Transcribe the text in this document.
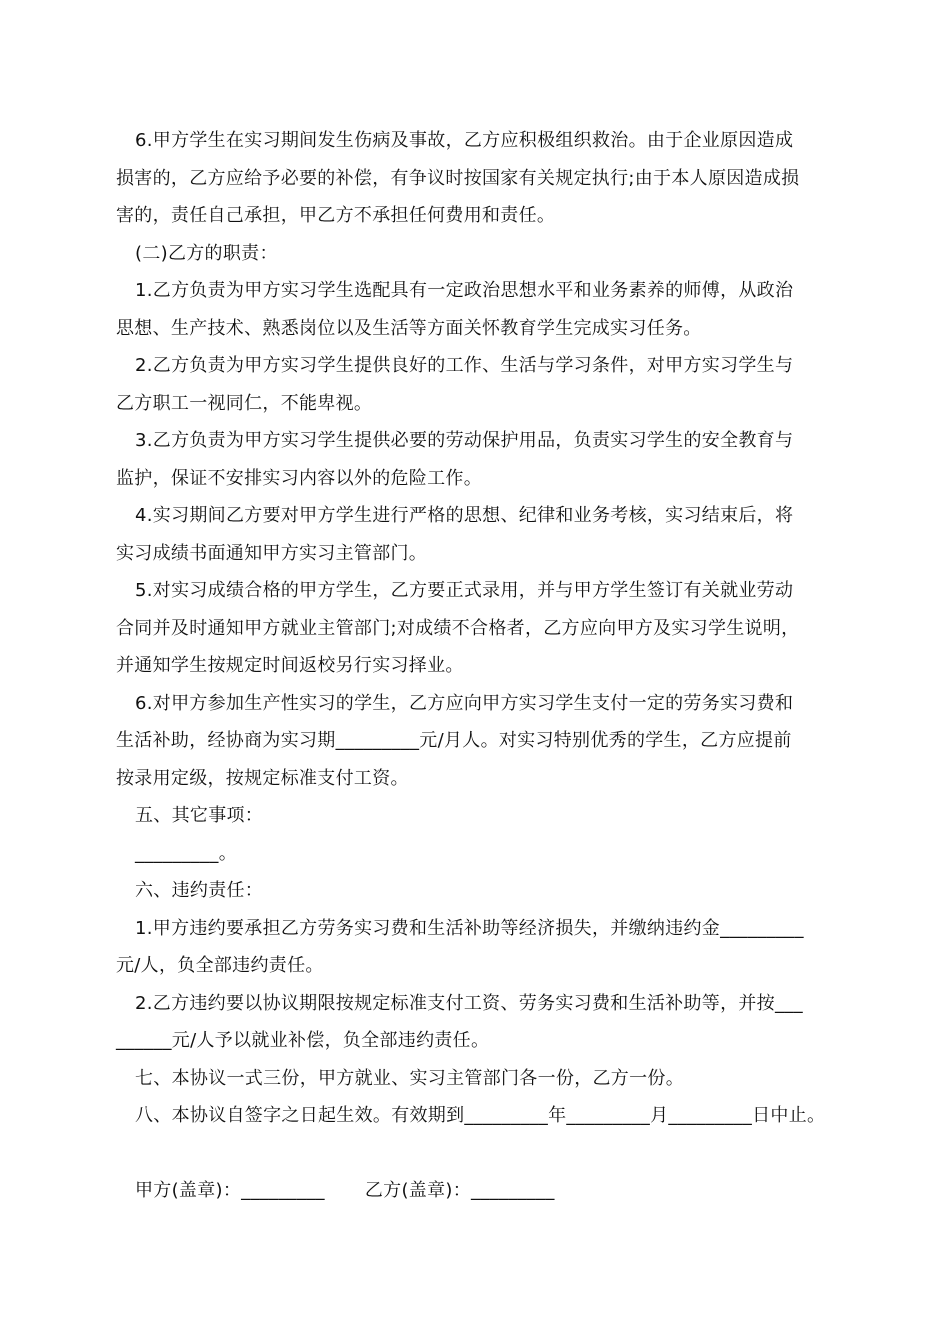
6.甲方学生在实习期间发生伤病及事故，乙方应积极组织救治。由于企业原因造成
损害的，乙方应给予必要的补偿，有争议时按国家有关规定执行;由于本人原因造成损
害的，责任自己承担，甲乙方不承担任何费用和责任。
(二)乙方的职责：
1.乙方负责为甲方实习学生选配具有一定政治思想水平和业务素养的师傅，从政治
思想、生产技术、熟悉岗位以及生活等方面关怀教育学生完成实习任务。
2.乙方负责为甲方实习学生提供良好的工作、生活与学习条件，对甲方实习学生与
乙方职工一视同仁，不能卑视。
3.乙方负责为甲方实习学生提供必要的劳动保护用品，负责实习学生的安全教育与
监护，保证不安排实习内容以外的危险工作。
4.实习期间乙方要对甲方学生进行严格的思想、纪律和业务考核，实习结束后，将
实习成绩书面通知甲方实习主管部门。
5.对实习成绩合格的甲方学生，乙方要正式录用，并与甲方学生签订有关就业劳动
合同并及时通知甲方就业主管部门;对成绩不合格者，乙方应向甲方及实习学生说明，
并通知学生按规定时间返校另行实习择业。
6.对甲方参加生产性实习的学生，乙方应向甲方实习学生支付一定的劳务实习费和
生活补助，经协商为实习期_________元/月人。对实习特别优秀的学生，乙方应提前
按录用定级，按规定标准支付工资。
五、其它事项：
_________。
六、违约责任：
1.甲方违约要承担乙方劳务实习费和生活补助等经济损失，并缴纳违约金_________
元/人，负全部违约责任。
2.乙方违约要以协议期限按规定标准支付工资、劳务实习费和生活补助等，并按___
______元/人予以就业补偿，负全部违约责任。
七、本协议一式三份，甲方就业、实习主管部门各一份，乙方一份。
八、本协议自签字之日起生效。有效期到_________年_________月_________日中止。
甲方(盖章)：_________ 乙方(盖章)：_________
